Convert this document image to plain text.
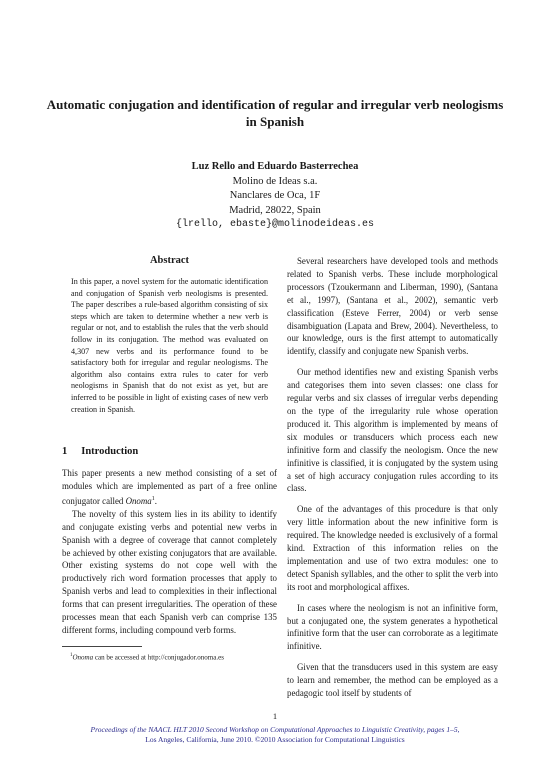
Automatic conjugation and identification of regular and irregular verb neologisms in Spanish
Luz Rello and Eduardo Basterrechea
Molino de Ideas s.a.
Nanclares de Oca, 1F
Madrid, 28022, Spain
{lrello, ebaste}@molinodeideas.es
Abstract

In this paper, a novel system for the automatic identification and conjugation of Spanish verb neologisms is presented. The paper describes a rule-based algorithm consisting of six steps which are taken to determine whether a new verb is regular or not, and to establish the rules that the verb should follow in its conjugation. The method was evaluated on 4,307 new verbs and its performance found to be satisfactory both for irregular and regular neologisms. The algorithm also contains extra rules to cater for verb neologisms in Spanish that do not exist as yet, but are inferred to be possible in light of existing cases of new verb creation in Spanish.

1 Introduction

This paper presents a new method consisting of a set of modules which are implemented as part of a free online conjugator called Onoma$^1$.

The novelty of this system lies in its ability to identify and conjugate existing verbs and potential new verbs in Spanish with a degree of coverage that cannot completely be achieved by other existing conjugators that are available. Other existing systems do not cope well with the productively rich word formation processes that apply to Spanish verbs and lead to complexities in their inflectional forms that can present irregularities. The operation of these processes mean that each Spanish verb can comprise 135 different forms, including compound verb forms.

$^1$Onoma can be accessed at http://conjugador.onoma.es

Several researchers have developed tools and methods related to Spanish verbs. These include morphological processors (Tzoukermann and Liberman, 1990), (Santana et al., 1997), (Santana et al., 2002), semantic verb classification (Esteve Ferrer, 2004) or verb sense disambiguation (Lapata and Brew, 2004). Nevertheless, to our knowledge, ours is the first attempt to automatically identify, classify and conjugate new Spanish verbs.

Our method identifies new and existing Spanish verbs and categorises them into seven classes: one class for regular verbs and six classes of irregular verbs depending on the type of the irregularity rule whose operation produced it. This algorithm is implemented by means of six modules or transducers which process each new infinitive form and classify the neologism. Once the new infinitive is classified, it is conjugated by the system using a set of high accuracy conjugation rules according to its class.

One of the advantages of this procedure is that only very little information about the new infinitive form is required. The knowledge needed is exclusively of a formal kind. Extraction of this information relies on the implementation and use of two extra modules: one to detect Spanish syllables, and the other to split the verb into its root and morphological affixes.

In cases where the neologism is not an infinitive form, but a conjugated one, the system generates a hypothetical infinitive form that the user can corroborate as a legitimate infinitive.

Given that the transducers used in this system are easy to learn and remember, the method can be employed as a pedagogic tool itself by students of

1
Proceedings of the NAACL HLT 2010 Second Workshop on Computational Approaches to Linguistic Creativity, pages 1–5,
Los Angeles, California, June 2010. ©2010 Association for Computational Linguistics
